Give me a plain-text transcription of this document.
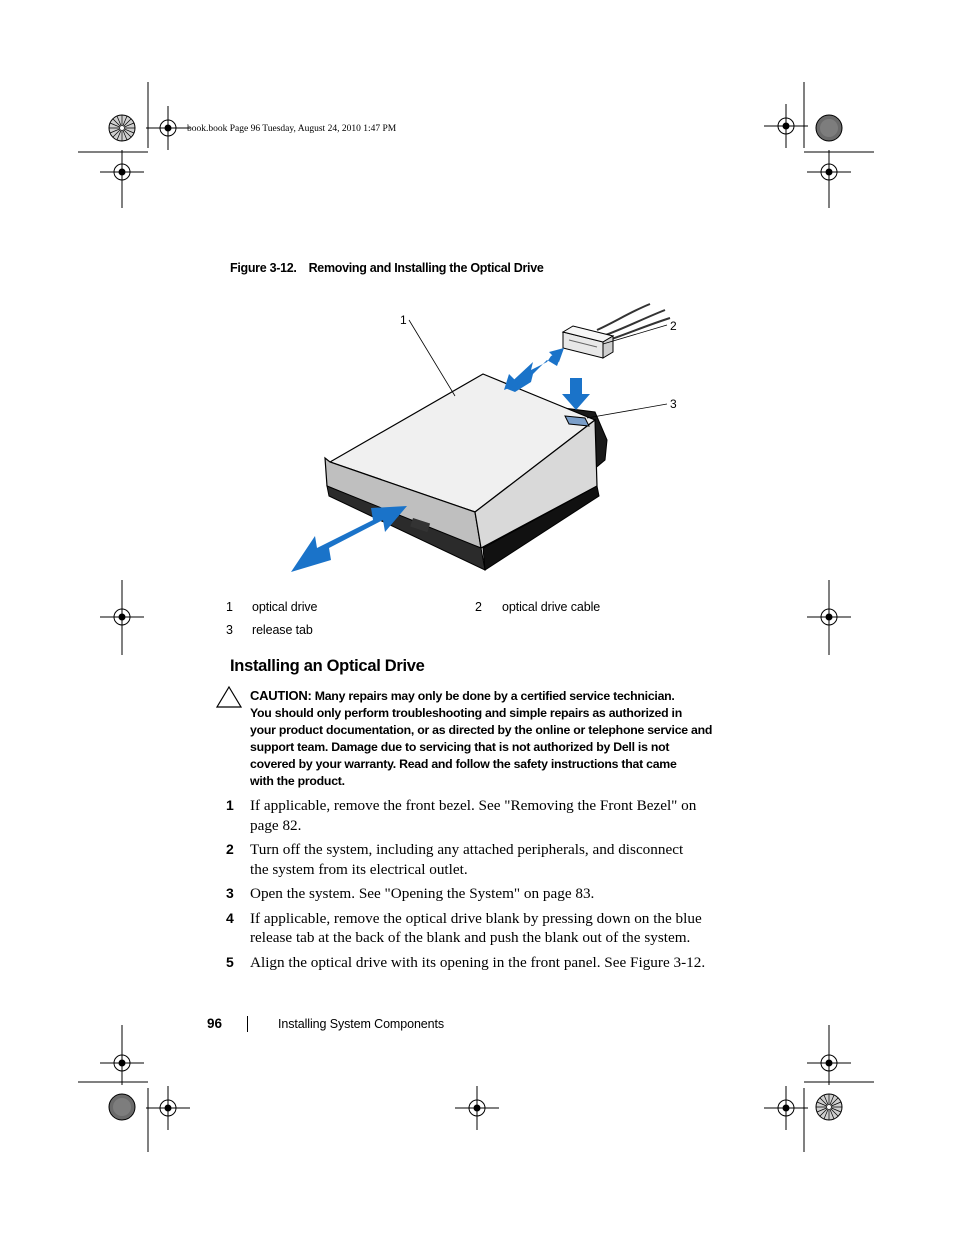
book.book Page 96 Tuesday, August 24, 2010 1:47 PM
Figure 3-12. Removing and Installing the Optical Drive
1	2
3
1 optical drive	2 optical drive cable
3 release tab
Installing an Optical Drive
CAUTION: Many repairs may only be done by a certified service technician.
You should only perform troubleshooting and simple repairs as authorized in
your product documentation, or as directed by the online or telephone service and
support team. Damage due to servicing that is not authorized by Dell is not
covered by your warranty. Read and follow the safety instructions that came
with the product.
1 If applicable, remove the front bezel. See "Removing the Front Bezel" on
page 82.
2 Turn off the system, including any attached peripherals, and disconnect
the system from its electrical outlet.
3 Open the system. See "Opening the System" on page 83.
4 If applicable, remove the optical drive blank by pressing down on the blue
release tab at the back of the blank and push the blank out of the system.
5 Align the optical drive with its opening in the front panel. See Figure 3-12.
96	Installing System Components
